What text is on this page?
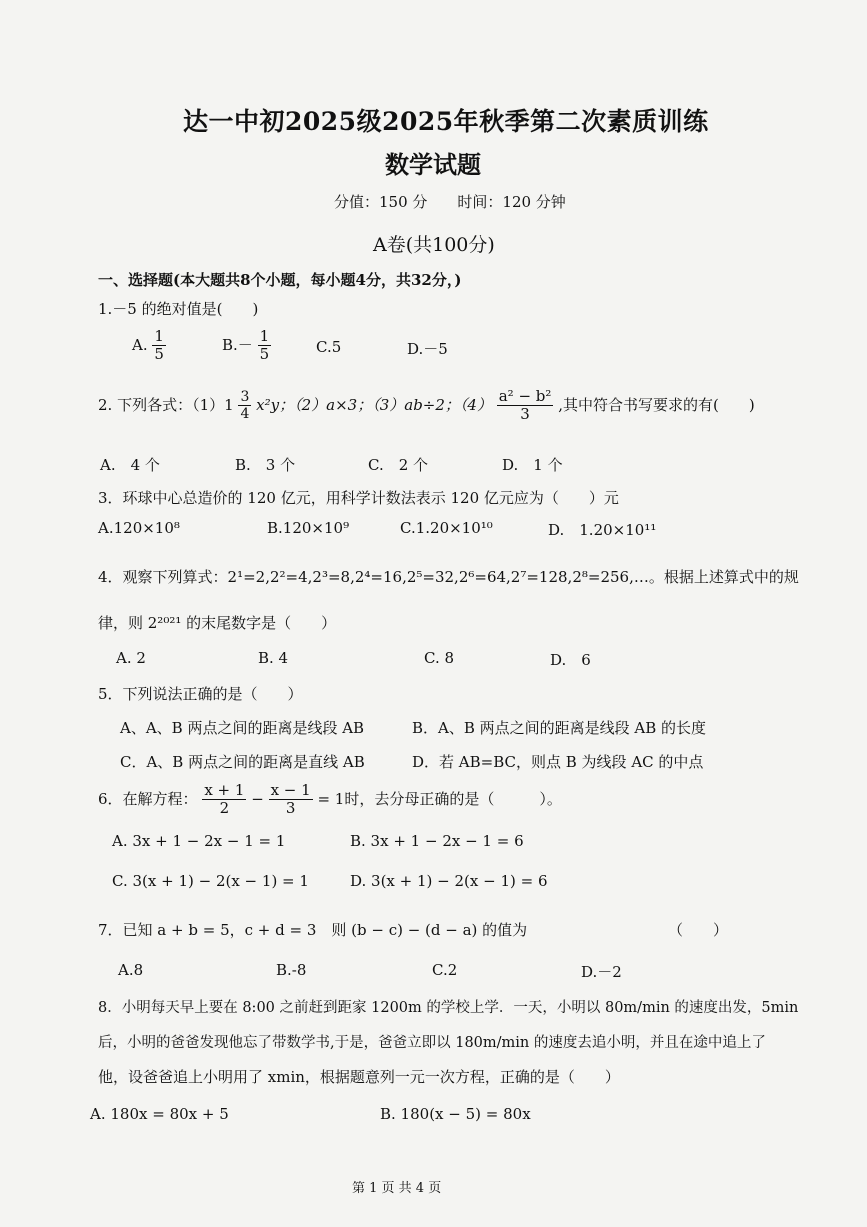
达一中初2025级2025年秋季第二次素质训练
数学试题
分值：150 分　　时间：120 分钟
A卷(共100分)
一、选择题(本大题共8个小题，每小题4分，共32分，)
1.－5 的绝对值是(　　)
A. $\frac{1}{5}$	$B.- \frac{1}{5}$	C.5	D.－5
2. 下列各式：$(1)1 \frac{3}{4} x^2y$；（2）a×3；（3）ab÷2；$(4) \frac{\text{a² − b²}}{3}$ ,其中符合书写要求的有(　　)
A.　4 个	B.　3 个	C.　2 个	D.　1 个
3．环球中心总造价的 120 亿元，用科学计数法表示 120 亿元应为（　　）元
A.120×10⁸	B.120×10⁹	C.1.20×10¹⁰	D.　1.20×10¹¹
4．观察下列算式：2¹=2,2²=4,2³=8,2⁴=16,2⁵=32,2⁶=64,2⁷=128,2⁸=256,…。根据上述算式中的规
律，则 2²⁰²¹ 的末尾数字是（　　）
A. 2	B. 4	C. 8	D.　6
5．下列说法正确的是（　　）
A、A、B 两点之间的距离是线段 AB	B．A、B 两点之间的距离是线段 AB 的长度
C．A、B 两点之间的距离是直线 AB	D．若 AB=BC，则点 B 为线段 AC 的中点
6．在解方程： $\frac{x + 1}{2} - \frac{x - 1}{3} = 1$时，去分母正确的是（　　　）。
A. 3x + 1 − 2x − 1 = 1	B. 3x + 1 − 2x − 1 = 6
C. 3(x + 1) − 2(x − 1) = 1	D. 3(x + 1) − 2(x − 1) = 6
7．已知 a + b = 5，c + d = 3　则 (b − c) − (d − a) 的值为	（　　）
A.8	B.-8	C.2	D.－2
8．小明每天早上要在 8:00 之前赶到距家 1200m 的学校上学．一天，小明以 80m/min 的速度出发，5min
后，小明的爸爸发现他忘了带数学书,于是，爸爸立即以 180m/min 的速度去追小明，并且在途中追上了
他，设爸爸追上小明用了 xmin，根据题意列一元一次方程，正确的是（　　）
A. 180x = 80x + 5	B. 180(x − 5) = 80x
第 1 页 共 4 页
